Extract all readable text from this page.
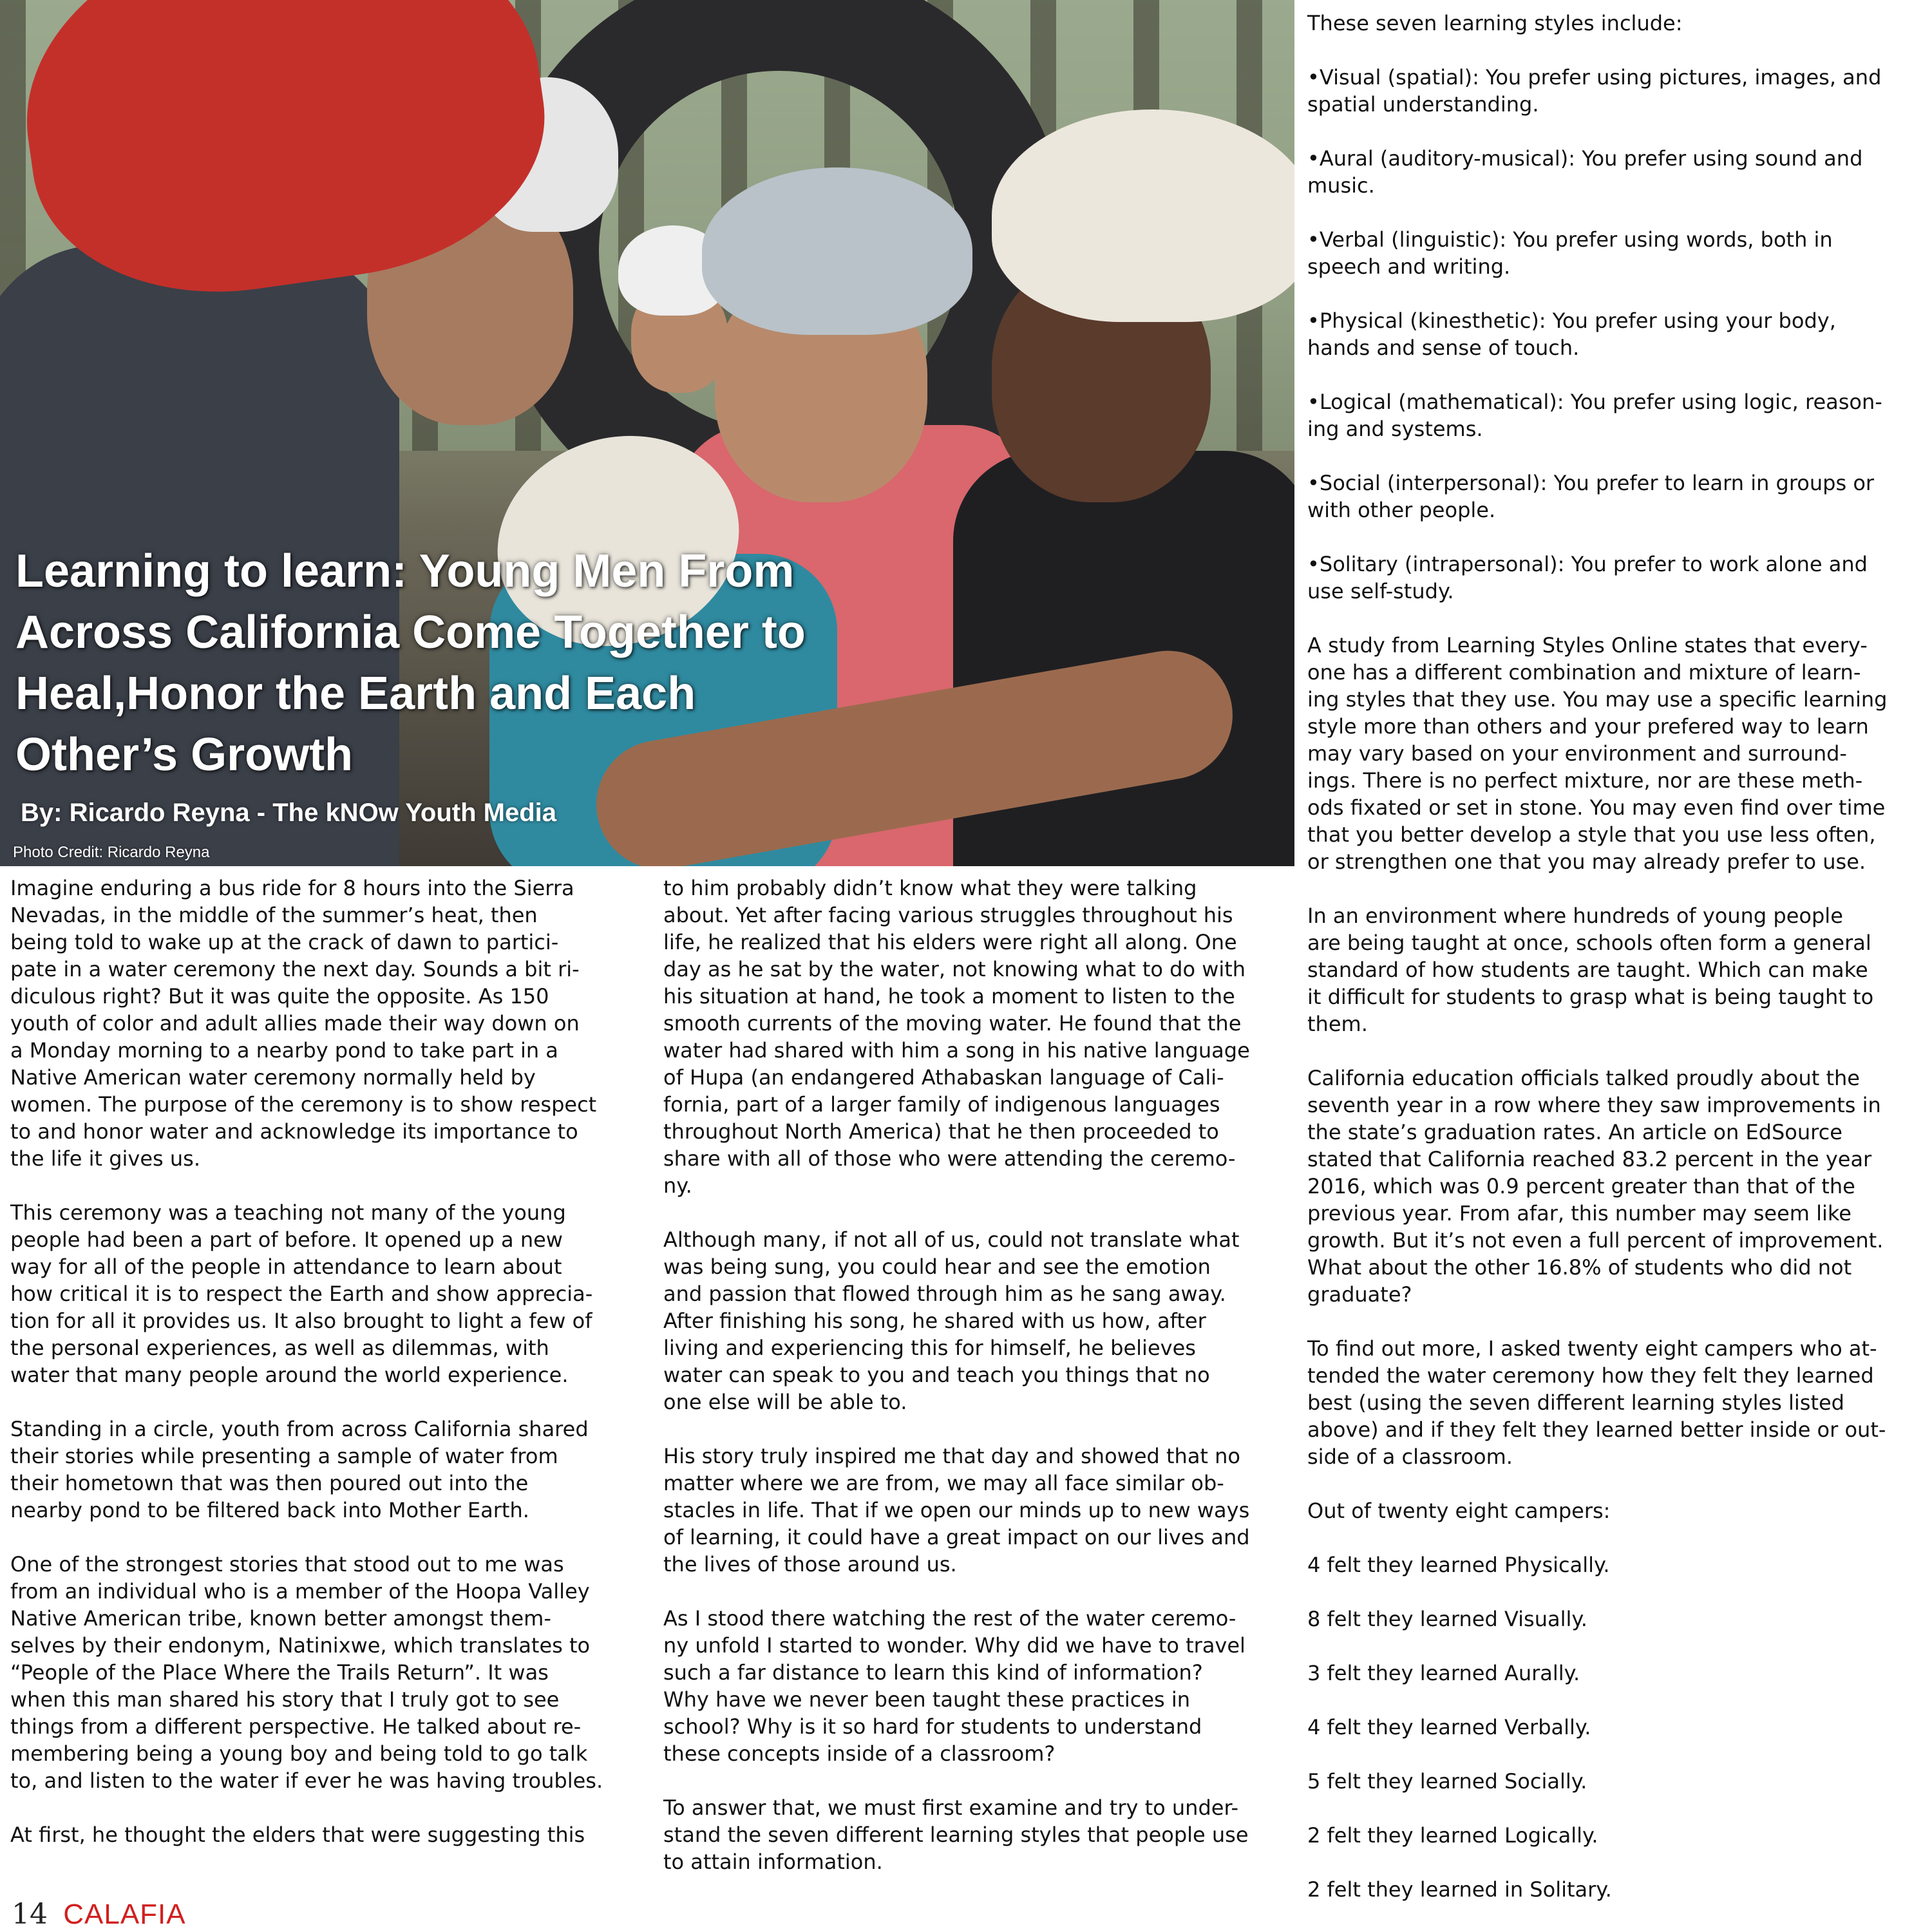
Learning to learn: Young Men From Across California Come Together to Heal,Honor the Earth and Each Other’s Growth
By: Ricardo Reyna - The kNOw Youth Media
Photo Credit: Ricardo Reyna

Imagine enduring a bus ride for 8 hours into the Sierra
Nevadas, in the middle of the summer’s heat, then
being told to wake up at the crack of dawn to partici-
pate in a water ceremony the next day. Sounds a bit ri-
diculous right? But it was quite the opposite. As 150
youth of color and adult allies made their way down on
a Monday morning to a nearby pond to take part in a
Native American water ceremony normally held by
women. The purpose of the ceremony is to show respect
to and honor water and acknowledge its importance to
the life it gives us.

This ceremony was a teaching not many of the young
people had been a part of before. It opened up a new
way for all of the people in attendance to learn about
how critical it is to respect the Earth and show apprecia-
tion for all it provides us. It also brought to light a few of
the personal experiences, as well as dilemmas, with
water that many people around the world experience.

Standing in a circle, youth from across California shared
their stories while presenting a sample of water from
their hometown that was then poured out into the
nearby pond to be filtered back into Mother Earth.

One of the strongest stories that stood out to me was
from an individual who is a member of the Hoopa Valley
Native American tribe, known better amongst them-
selves by their endonym, Natinixwe, which translates to
“People of the Place Where the Trails Return”. It was
when this man shared his story that I truly got to see
things from a different perspective. He talked about re-
membering being a young boy and being told to go talk
to, and listen to the water if ever he was having troubles.

At first, he thought the elders that were suggesting this

to him probably didn’t know what they were talking
about. Yet after facing various struggles throughout his
life, he realized that his elders were right all along. One
day as he sat by the water, not knowing what to do with
his situation at hand, he took a moment to listen to the
smooth currents of the moving water. He found that the
water had shared with him a song in his native language
of Hupa (an endangered Athabaskan language of Cali-
fornia, part of a larger family of indigenous languages
throughout North America) that he then proceeded to
share with all of those who were attending the ceremo-
ny.

Although many, if not all of us, could not translate what
was being sung, you could hear and see the emotion
and passion that flowed through him as he sang away.
After finishing his song, he shared with us how, after
living and experiencing this for himself, he believes
water can speak to you and teach you things that no
one else will be able to.

His story truly inspired me that day and showed that no
matter where we are from, we may all face similar ob-
stacles in life. That if we open our minds up to new ways
of learning, it could have a great impact on our lives and
the lives of those around us.

As I stood there watching the rest of the water ceremo-
ny unfold I started to wonder. Why did we have to travel
such a far distance to learn this kind of information?
Why have we never been taught these practices in
school? Why is it so hard for students to understand
these concepts inside of a classroom?

To answer that, we must first examine and try to under-
stand the seven different learning styles that people use
to attain information.

These seven learning styles include:

•Visual (spatial): You prefer using pictures, images, and
spatial understanding.

•Aural (auditory-musical): You prefer using sound and
music.

•Verbal (linguistic): You prefer using words, both in
speech and writing.

•Physical (kinesthetic): You prefer using your body,
hands and sense of touch.

•Logical (mathematical): You prefer using logic, reason-
ing and systems.

•Social (interpersonal): You prefer to learn in groups or
with other people.

•Solitary (intrapersonal): You prefer to work alone and
use self-study.

A study from Learning Styles Online states that every-
one has a different combination and mixture of learn-
ing styles that they use. You may use a specific learning
style more than others and your prefered way to learn
may vary based on your environment and surround-
ings. There is no perfect mixture, nor are these meth-
ods fixated or set in stone. You may even find over time
that you better develop a style that you use less often,
or strengthen one that you may already prefer to use.

In an environment where hundreds of young people
are being taught at once, schools often form a general
standard of how students are taught. Which can make
it difficult for students to grasp what is being taught to
them.

California education officials talked proudly about the
seventh year in a row where they saw improvements in
the state’s graduation rates. An article on EdSource
stated that California reached 83.2 percent in the year
2016, which was 0.9 percent greater than that of the
previous year. From afar, this number may seem like
growth. But it’s not even a full percent of improvement.
What about the other 16.8% of students who did not
graduate?

To find out more, I asked twenty eight campers who at-
tended the water ceremony how they felt they learned
best (using the seven different learning styles listed
above) and if they felt they learned better inside or out-
side of a classroom.

Out of twenty eight campers:

4 felt they learned Physically.

8 felt they learned Visually.

3 felt they learned Aurally.

4 felt they learned Verbally.

5 felt they learned Socially.

2 felt they learned Logically.

2 felt they learned in Solitary.

14 CALAFIA
